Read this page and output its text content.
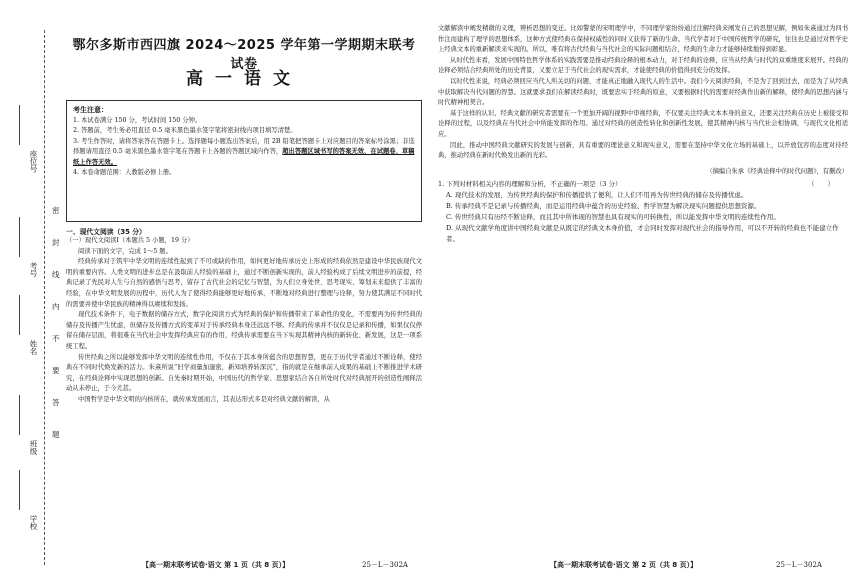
座位号
考号
姓名
班级
学校
密
封
线
内
不
要
答
题
鄂尔多斯市西四旗 2024～2025 学年第一学期期末联考试卷
高一语文
考生注意：
1. 本试卷满分 150 分，考试时间 150 分钟。
2. 答题前，考生务必用直径 0.5 毫米黑色墨水签字笔将密封线内项目填写清楚。
3. 考生作答时，请将答案答在答题卡上。选择题每小题选出答案后，用 2B 铅笔把答题卡上对应题目的答案标号涂黑；非选择题请用直径 0.5 毫米黑色墨水签字笔在答题卡上各题的答题区域内作答，超出答题区域书写的答案无效，在试题卷、草稿纸上作答无效。
4. 本卷命题范围：人教版必修上册。
一、现代文阅读（35 分）
（一）现代文阅读Ⅰ（本题共 5 小题，19 分）
阅读下面的文字，完成 1～5 题。

经典传承对于筑牢中华文明的连续性起到了不可或缺的作用，如何更好地传承历史上形成的经典依然是建设中华民族现代文明的重要内容。人类文明的进步总是在汲取前人经验的基础上，通过不断创新实现的，前人经验构成了后续文明进步的前提，经典记录了先民对人生与自然的感悟与思考，留存了古代社会的记忆与智慧，为人们立身处世、思考现实、筹划未来提供了丰富的经验，在中华文明发展的历程中，历代人为了使得经典能够更好地传承，不断地对经典进行整理与诠释，努力使其满足不同时代的需要并使中华民族的精神得以赓续和发扬。

现代技术条件下，电子数据的储存方式，数字化阅读方式为经典的保护和传播带来了革命性的变化，不需要再为传世经典的储存及传播产生忧虑，但储存及传播方式的变革对于传承经典本身还远远不够。经典的传承并不仅仅是记录和传播，如果仅仅停留在储存层面，将很难在当代社会中发挥经典应有的作用，经典传承需要在当下实现其精神内核的新转化、新发展，这是一项系统工程。

传世经典之所以能够发挥中华文明的连续性作用，不仅在于其本身所蕴含的思想智慧，更在于历代学者通过不断诠释，使经典在不同时代焕发新的活力。朱熹所说“旧学商量加邃密，新知培养转深沉”，指的就是在继承前人成果的基础上不断推进学术研究，在经典诠释中实现思想的创新。自先秦时期开始，中国历代的哲学家、思想家结合各自所处时代对经典展开的创造性阐释活动从未停止，于今尤甚。

中国哲学是中华文明的内核所在，就传承发展而言，其表达形式多是对经典文献的解读，从

【高一期末联考试卷·语文 第 1 页（共 8 页）】	25－L－302A

文献解读中阐发精微的义理，辨析思想的变迁。比如警蒙的宋明理学中，不同理学家纷纷通过注解经典来阐发自己的思想见解，例如朱熹通过为四书作注而建构了理学的思想体系，这种方式使经典在保持权威性的同时又获得了新的生命。当代学者对于中国传统哲学的研究，往往也是通过对哲学史上经典文本的重新解读来实现的。所以，唯有将古代经典与当代社会的实际问题相结合，经典的生命力才能够持续地得到彰显。

从时代性来看，发展中国特色哲学体系的实践需要是推动经典诠释的根本动力，对于经典的诠释，应当从经典与时代的双重维度来展开。经典的诠释必须结合经典所处的历史背景，又要立足于当代社会的现实需求，才能使经典的价值得到充分的发挥。

以时代性来说，经典必须回应当代人所关切的问题，才能真正地融入现代人的生活中。我们今天阅读经典，不是为了回到过去，而是为了从经典中获取解决当代问题的智慧。这就要求我们在解读经典时，既要忠实于经典的原意，又要根据时代的需要对经典作出新的解释，使经典的思想内涵与时代精神相契合。

基于这样的认识，经典文献的研究者需要在一个更加开阔的视野中审视经典，不仅要关注经典文本本身的意义，还要关注经典在历史上被接受和诠释的过程，以及经典在当代社会中所能发挥的作用。通过对经典的创造性转化和创新性发展，使其精神内核与当代社会相协调，与现代文化相适应。

因此，推动中国经典文献研究的发展与创新，具有重要的理论意义和现实意义，需要在坚持中华文化立场的基础上，以开放包容的态度对待经典，推动经典在新时代焕发出新的光彩。

（摘编自朱承《经典诠释中的时代问题》，有删改）

1. 下列对材料相关内容的理解和分析，不正确的一项是（3 分）	（　　）

A. 现代技术的发展，为传世经典的保护和传播提供了便利，让人们不用再为传世经典的储存及传播忧虑。

B. 传承经典不是记录与传播经典，而是运用经典中蕴含的历史经验、哲学智慧为解决现实问题提供思想资源。

C. 传世经典只有历经不断诠释，而且其中所体现的智慧也具有现实的可转换性，所以能发挥中华文明的连续性作用。

D. 从现代文献学角度讲中国经典文献是从既定的经典文本身价值，才会同时发挥对现代社会的指导作用，可以不开转的经典也不能建立作者。

【高一期末联考试卷·语文 第 2 页（共 8 页）】	25－L－302A
